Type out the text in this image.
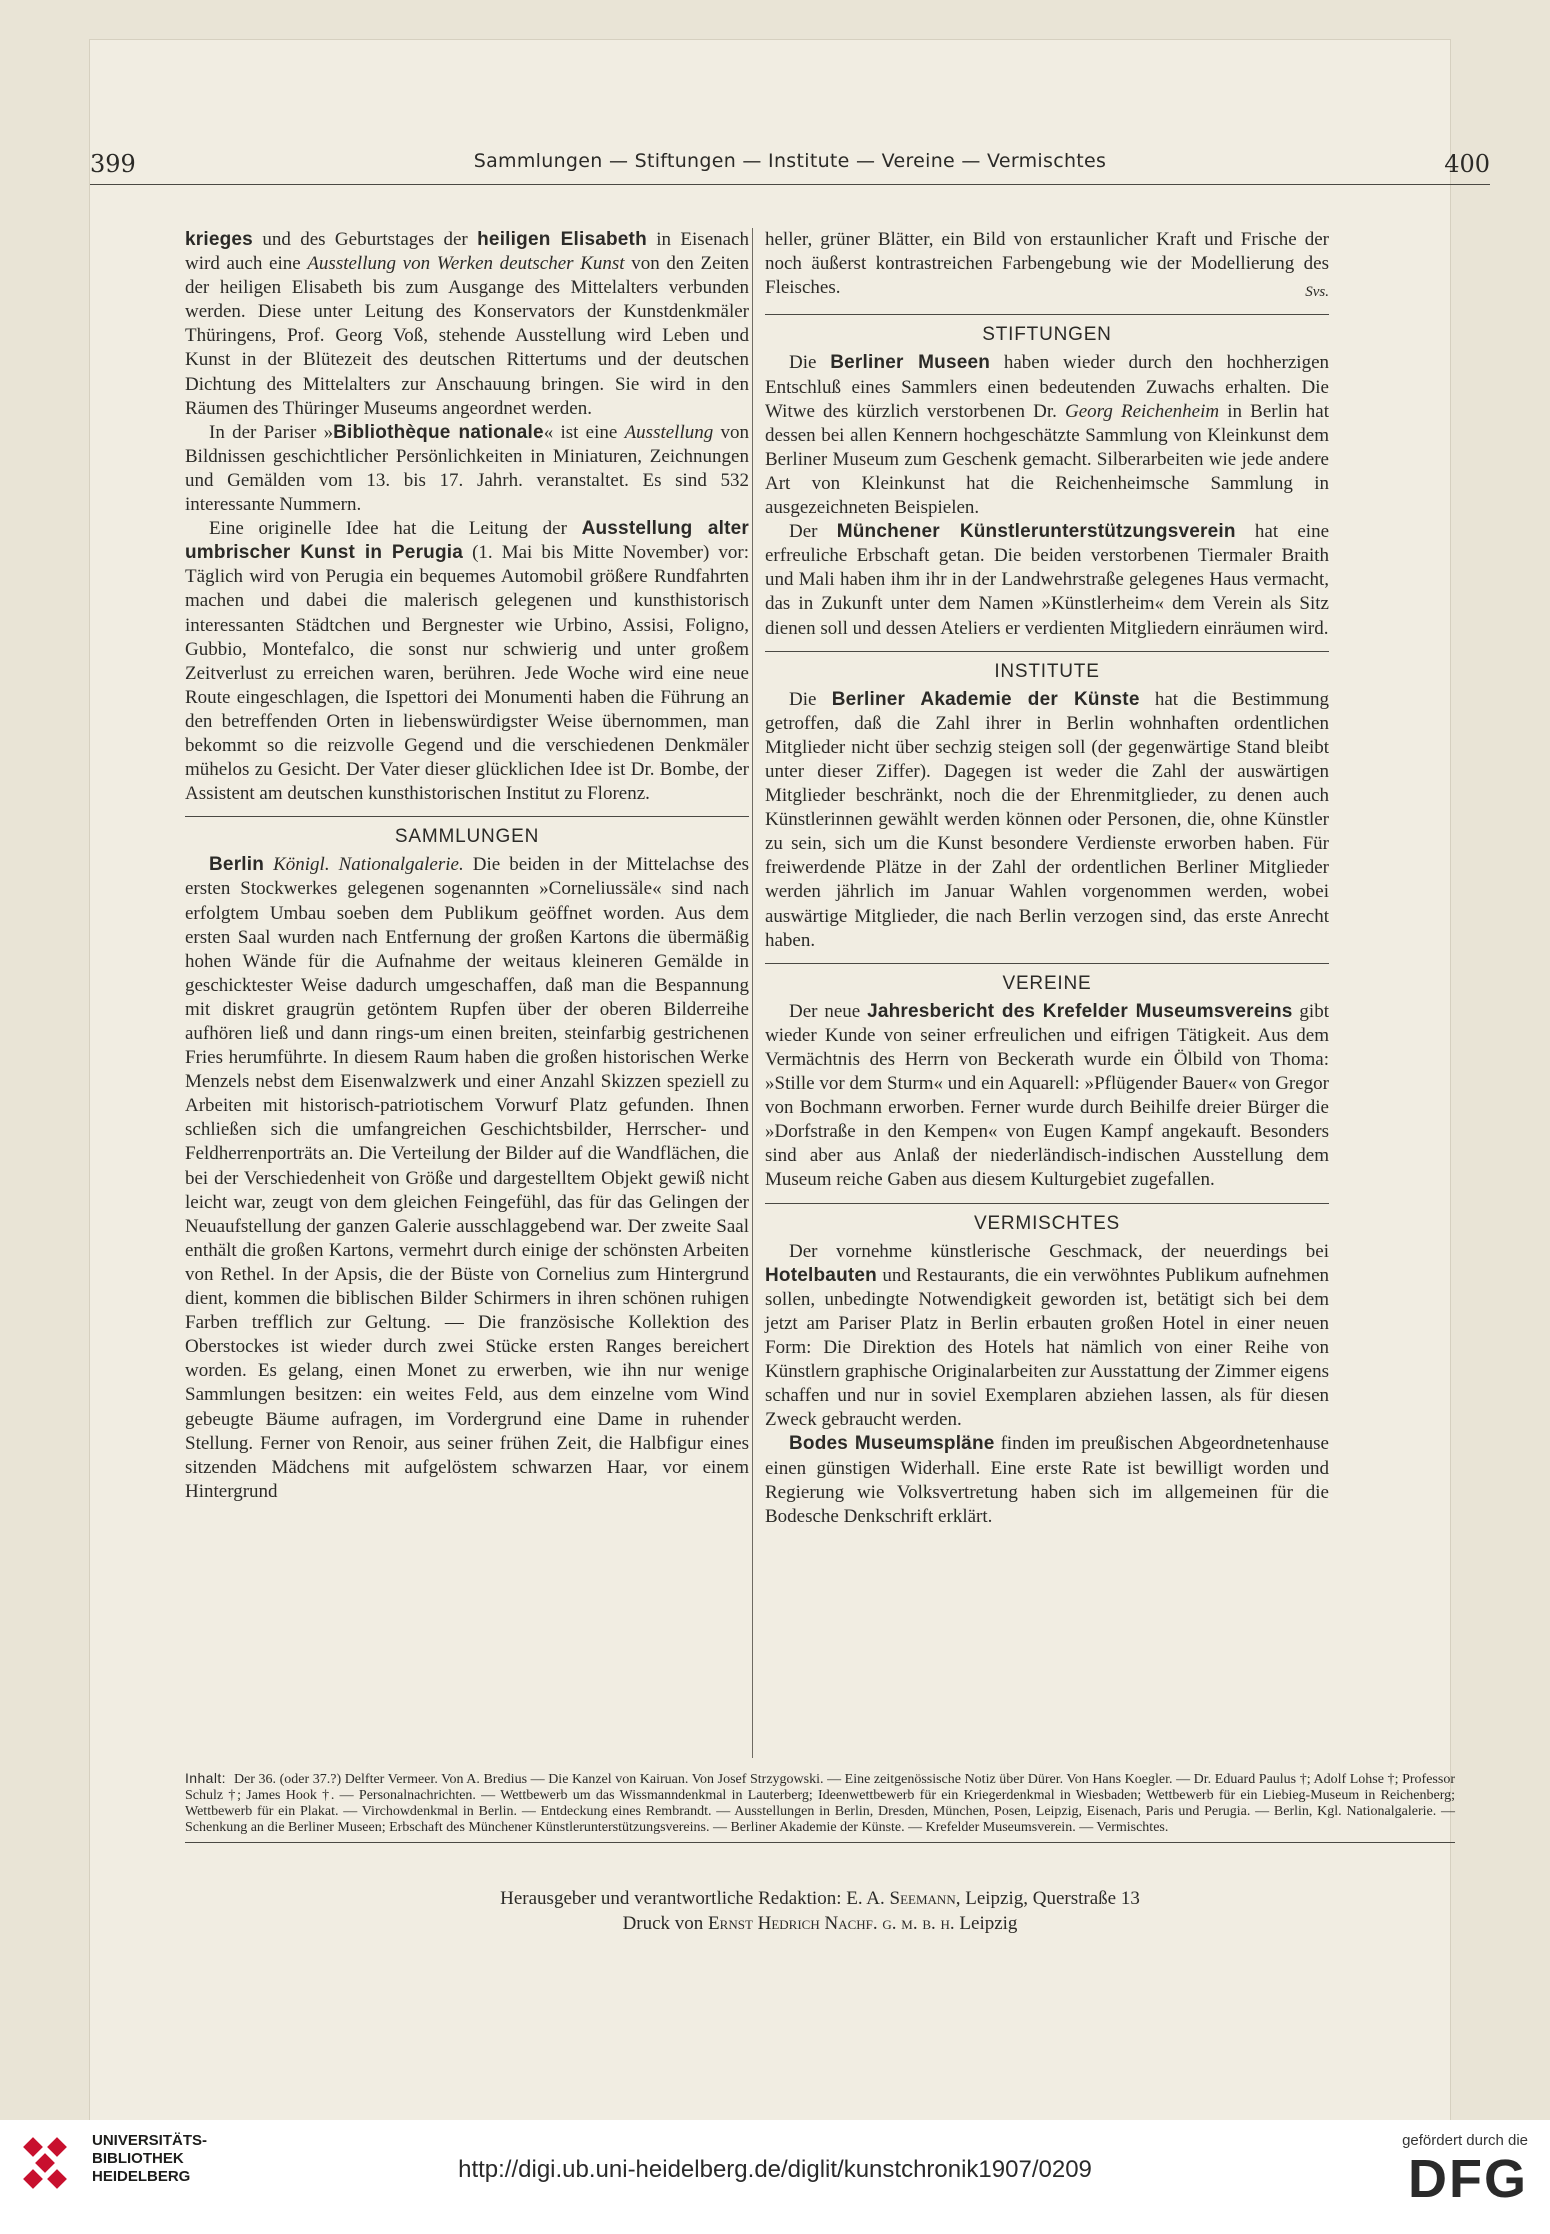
399	Sammlungen — Stiftungen — Institute — Vereine — Vermischtes	400

krieges und des Geburtstages der heiligen Elisabeth in Eisenach wird auch eine Ausstellung von Werken deutscher Kunst von den Zeiten der heiligen Elisabeth bis zum Ausgange des Mittelalters verbunden werden. Diese unter Leitung des Konservators der Kunstdenkmäler Thüringens, Prof. Georg Voß, stehende Ausstellung wird Leben und Kunst in der Blütezeit des deutschen Rittertums und der deutschen Dichtung des Mittelalters zur Anschauung bringen. Sie wird in den Räumen des Thüringer Museums angeordnet werden.

In der Pariser »Bibliothèque nationale« ist eine Ausstellung von Bildnissen geschichtlicher Persönlichkeiten in Miniaturen, Zeichnungen und Gemälden vom 13. bis 17. Jahrh. veranstaltet. Es sind 532 interessante Nummern.

Eine originelle Idee hat die Leitung der Ausstellung alter umbrischer Kunst in Perugia (1. Mai bis Mitte November) vor: Täglich wird von Perugia ein bequemes Automobil größere Rundfahrten machen und dabei die malerisch gelegenen und kunsthistorisch interessanten Städtchen und Bergnester wie Urbino, Assisi, Foligno, Gubbio, Montefalco, die sonst nur schwierig und unter großem Zeitverlust zu erreichen waren, berühren. Jede Woche wird eine neue Route eingeschlagen, die Ispettori dei Monumenti haben die Führung an den betreffenden Orten in liebenswürdigster Weise übernommen, man bekommt so die reizvolle Gegend und die verschiedenen Denkmäler mühelos zu Gesicht. Der Vater dieser glücklichen Idee ist Dr. Bombe, der Assistent am deutschen kunsthistorischen Institut zu Florenz.

SAMMLUNGEN

Berlin Königl. Nationalgalerie. Die beiden in der Mittelachse des ersten Stockwerkes gelegenen sogenannten »Corneliussäle« sind nach erfolgtem Umbau soeben dem Publikum geöffnet worden. Aus dem ersten Saal wurden nach Entfernung der großen Kartons die übermäßig hohen Wände für die Aufnahme der weitaus kleineren Gemälde in geschicktester Weise dadurch umgeschaffen, daß man die Bespannung mit diskret graugrün getöntem Rupfen über der oberen Bilderreihe aufhören ließ und dann rings-um einen breiten, steinfarbig gestrichenen Fries herumführte. In diesem Raum haben die großen historischen Werke Menzels nebst dem Eisenwalzwerk und einer Anzahl Skizzen speziell zu Arbeiten mit historisch-patriotischem Vorwurf Platz gefunden. Ihnen schließen sich die umfangreichen Geschichtsbilder, Herrscher- und Feldherrenporträts an. Die Verteilung der Bilder auf die Wandflächen, die bei der Verschiedenheit von Größe und dargestelltem Objekt gewiß nicht leicht war, zeugt von dem gleichen Feingefühl, das für das Gelingen der Neuaufstellung der ganzen Galerie ausschlaggebend war. Der zweite Saal enthält die großen Kartons, vermehrt durch einige der schönsten Arbeiten von Rethel. In der Apsis, die der Büste von Cornelius zum Hintergrund dient, kommen die biblischen Bilder Schirmers in ihren schönen ruhigen Farben trefflich zur Geltung. — Die französische Kollektion des Oberstockes ist wieder durch zwei Stücke ersten Ranges bereichert worden. Es gelang, einen Monet zu erwerben, wie ihn nur wenige Sammlungen besitzen: ein weites Feld, aus dem einzelne vom Wind gebeugte Bäume aufragen, im Vordergrund eine Dame in ruhender Stellung. Ferner von Renoir, aus seiner frühen Zeit, die Halbfigur eines sitzenden Mädchens mit aufgelöstem schwarzen Haar, vor einem Hintergrund

heller, grüner Blätter, ein Bild von erstaunlicher Kraft und Frische der noch äußerst kontrastreichen Farbengebung wie der Modellierung des Fleisches.	Svs.
STIFTUNGEN

Die Berliner Museen haben wieder durch den hochherzigen Entschluß eines Sammlers einen bedeutenden Zuwachs erhalten. Die Witwe des kürzlich verstorbenen Dr. Georg Reichenheim in Berlin hat dessen bei allen Kennern hochgeschätzte Sammlung von Kleinkunst dem Berliner Museum zum Geschenk gemacht. Silberarbeiten wie jede andere Art von Kleinkunst hat die Reichenheimsche Sammlung in ausgezeichneten Beispielen.

Der Münchener Künstlerunterstützungsverein hat eine erfreuliche Erbschaft getan. Die beiden verstorbenen Tiermaler Braith und Mali haben ihm ihr in der Landwehrstraße gelegenes Haus vermacht, das in Zukunft unter dem Namen »Künstlerheim« dem Verein als Sitz dienen soll und dessen Ateliers er verdienten Mitgliedern einräumen wird.

INSTITUTE

Die Berliner Akademie der Künste hat die Bestimmung getroffen, daß die Zahl ihrer in Berlin wohnhaften ordentlichen Mitglieder nicht über sechzig steigen soll (der gegenwärtige Stand bleibt unter dieser Ziffer). Dagegen ist weder die Zahl der auswärtigen Mitglieder beschränkt, noch die der Ehrenmitglieder, zu denen auch Künstlerinnen gewählt werden können oder Personen, die, ohne Künstler zu sein, sich um die Kunst besondere Verdienste erworben haben. Für freiwerdende Plätze in der Zahl der ordentlichen Berliner Mitglieder werden jährlich im Januar Wahlen vorgenommen werden, wobei auswärtige Mitglieder, die nach Berlin verzogen sind, das erste Anrecht haben.

VEREINE

Der neue Jahresbericht des Krefelder Museumsvereins gibt wieder Kunde von seiner erfreulichen und eifrigen Tätigkeit. Aus dem Vermächtnis des Herrn von Beckerath wurde ein Ölbild von Thoma: »Stille vor dem Sturm« und ein Aquarell: »Pflügender Bauer« von Gregor von Bochmann erworben. Ferner wurde durch Beihilfe dreier Bürger die »Dorfstraße in den Kempen« von Eugen Kampf angekauft. Besonders sind aber aus Anlaß der niederländisch-indischen Ausstellung dem Museum reiche Gaben aus diesem Kulturgebiet zugefallen.

VERMISCHTES

Der vornehme künstlerische Geschmack, der neuerdings bei Hotelbauten und Restaurants, die ein verwöhntes Publikum aufnehmen sollen, unbedingte Notwendigkeit geworden ist, betätigt sich bei dem jetzt am Pariser Platz in Berlin erbauten großen Hotel in einer neuen Form: Die Direktion des Hotels hat nämlich von einer Reihe von Künstlern graphische Originalarbeiten zur Ausstattung der Zimmer eigens schaffen und nur in soviel Exemplaren abziehen lassen, als für diesen Zweck gebraucht werden.

Bodes Museumspläne finden im preußischen Abgeordnetenhause einen günstigen Widerhall. Eine erste Rate ist bewilligt worden und Regierung wie Volksvertretung haben sich im allgemeinen für die Bodesche Denkschrift erklärt.

Inhalt: Der 36. (oder 37.?) Delfter Vermeer. Von A. Bredius — Die Kanzel von Kairuan. Von Josef Strzygowski. — Eine zeitgenössische Notiz über Dürer. Von Hans Koegler. — Dr. Eduard Paulus †; Adolf Lohse †; Professor Schulz †; James Hook †. — Personalnachrichten. — Wettbewerb um das Wissmanndenkmal in Lauterberg; Ideenwettbewerb für ein Kriegerdenkmal in Wiesbaden; Wettbewerb für ein Liebieg-Museum in Reichenberg; Wettbewerb für ein Plakat. — Virchowdenkmal in Berlin. — Entdeckung eines Rembrandt. — Ausstellungen in Berlin, Dresden, München, Posen, Leipzig, Eisenach, Paris und Perugia. — Berlin, Kgl. Nationalgalerie. — Schenkung an die Berliner Museen; Erbschaft des Münchener Künstlerunterstützungsvereins. — Berliner Akademie der Künste. — Krefelder Museumsverein. — Vermischtes.
Herausgeber und verantwortliche Redaktion: E. A. Seemann, Leipzig, Querstraße 13
Druck von Ernst Hedrich Nachf. g. m. b. h. Leipzig
UNIVERSITÄTS-
BIBLIOTHEK
HEIDELBERG	http://digi.ub.uni-heidelberg.de/diglit/kunstchronik1907/0209
gefördert durch die
DFG
